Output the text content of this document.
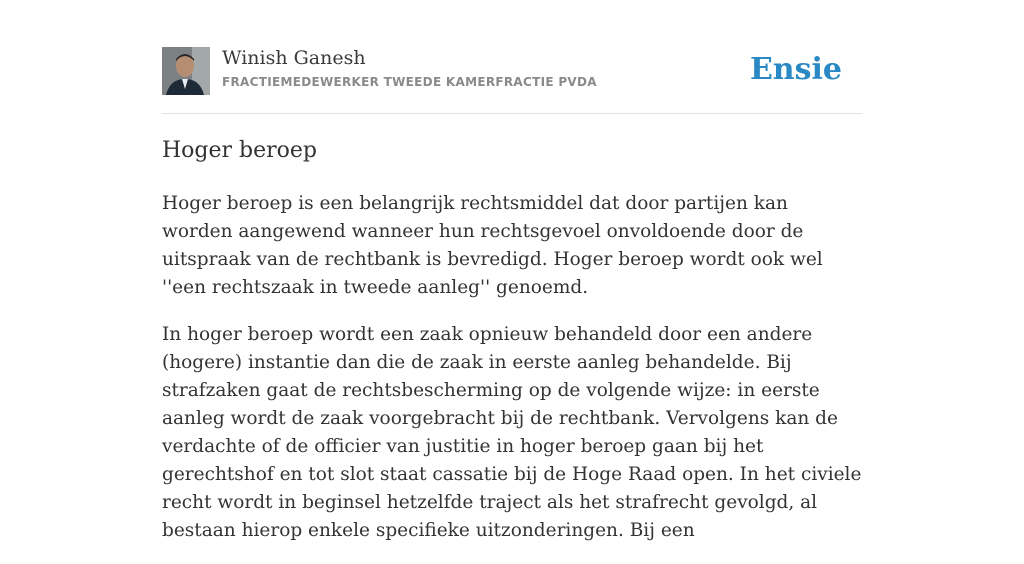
Winish Ganesh
FRACTIEMEDEWERKER TWEEDE KAMERFRACTIE PVDA	Ensie
Hoger beroep

Hoger beroep is een belangrijk rechtsmiddel dat door partijen kan worden aangewend wanneer hun rechtsgevoel onvoldoende door de uitspraak van de rechtbank is bevredigd. Hoger beroep wordt ook wel ''een rechtszaak in tweede aanleg'' genoemd.

In hoger beroep wordt een zaak opnieuw behandeld door een andere (hogere) instantie dan die de zaak in eerste aanleg behandelde. Bij strafzaken gaat de rechtsbescherming op de volgende wijze: in eerste aanleg wordt de zaak voorgebracht bij de rechtbank. Vervolgens kan de verdachte of de officier van justitie in hoger beroep gaan bij het gerechtshof en tot slot staat cassatie bij de Hoge Raad open. In het civiele recht wordt in beginsel hetzelfde traject als het strafrecht gevolgd, al bestaan hierop enkele specifieke uitzonderingen. Bij een
